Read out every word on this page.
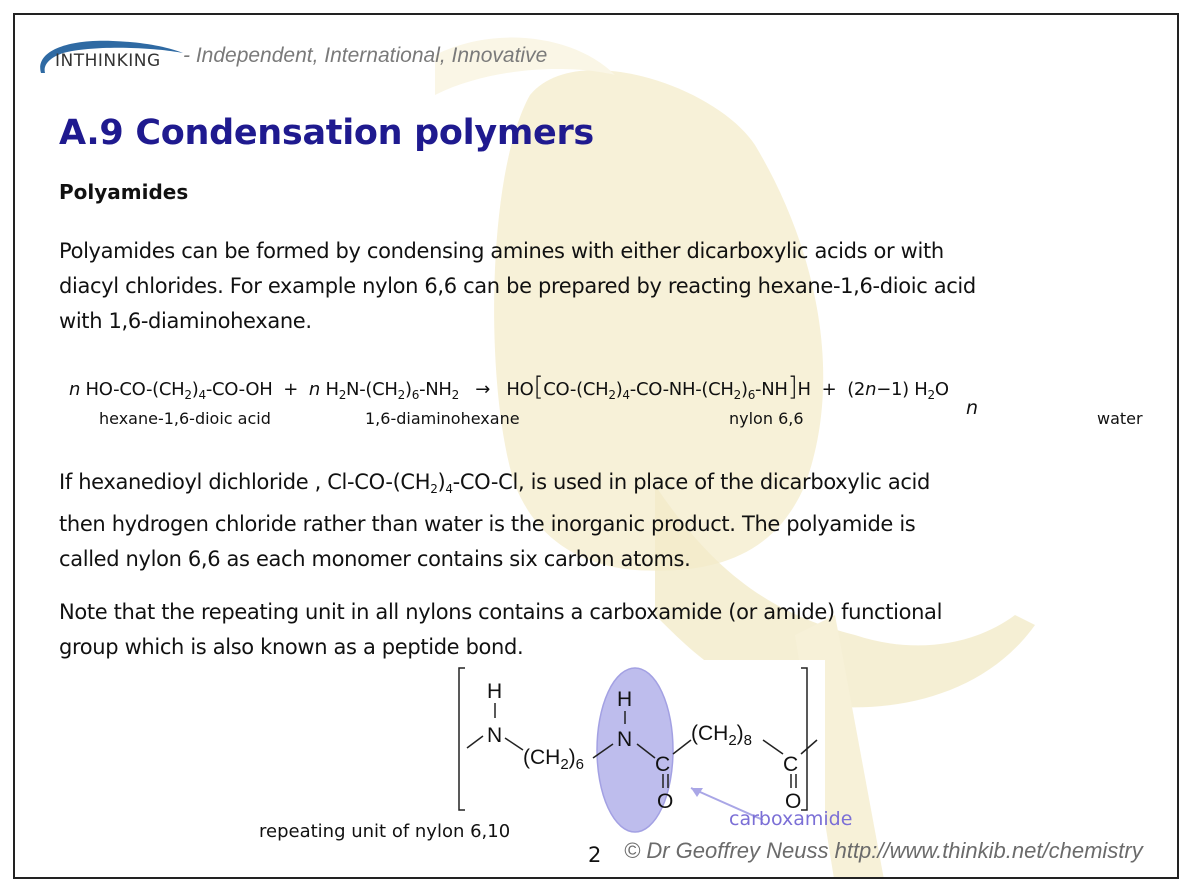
INTHINKING - Independent, International, Innovative
A.9 Condensation polymers
Polyamides
Polyamides can be formed by condensing amines with either dicarboxylic acids or with
diacyl chlorides. For example nylon 6,6 can be prepared by reacting hexane-1,6-dioic acid
with 1,6-diaminohexane.
n $HO-CO-(CH_2)_4-CO-OH + n$ $H_2N-(CH_2)_6-NH_2 \to HO[CO-(CH_2)_4-CO-NH-(CH_2)_6-NH]H + (2n-1)$ $H_2O$
n
hexane-1,6-dioic acid	1,6-diaminohexane	nylon 6,6	water
If hexanedioyl dichloride , $Cl-CO-(CH_2)_4-CO-Cl$, is used in place of the dicarboxylic acid
then hydrogen chloride rather than water is the inorganic product. The polyamide is
called nylon 6,6 as each monomer contains six carbon atoms.
Note that the repeating unit in all nylons contains a carboxamide (or amide) functional
group which is also known as a peptide bond.
H
N
$(CH_2)_6$
H
N
C
O
$(CH_2)_8$
C
O
carboxamide
repeating unit of nylon 6,10
2 © Dr Geoffrey Neuss http://www.thinkib.net/chemistry
